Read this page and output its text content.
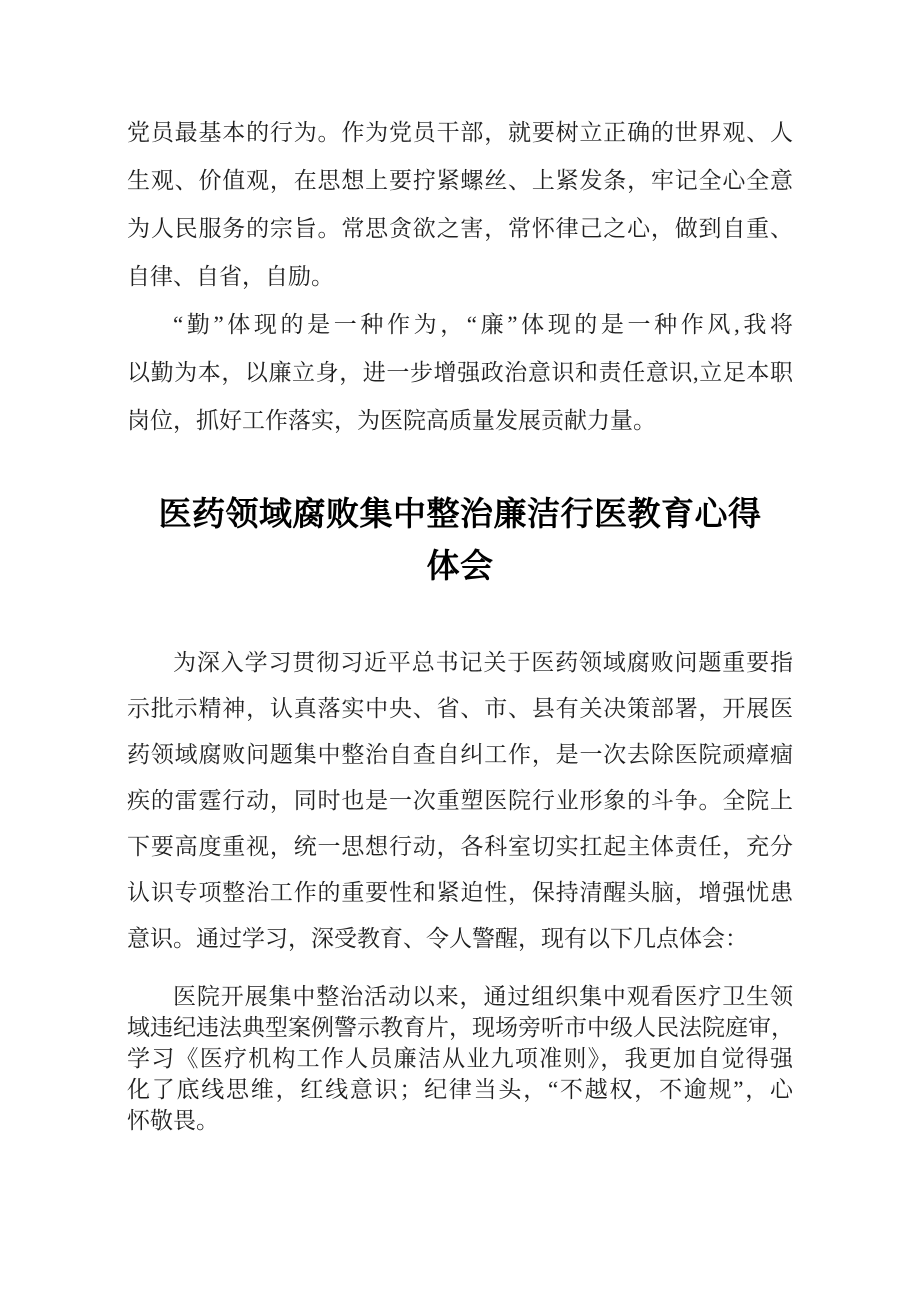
党员最基本的行为。作为党员干部，就要树立正确的世界观、人
生观、价值观，在思想上要拧紧螺丝、上紧发条，牢记全心全意
为人民服务的宗旨。常思贪欲之害，常怀律己之心，做到自重、
自律、自省，自励。
“勤”体现的是一种作为，“廉”体现的是一种作风,我将
以勤为本，以廉立身，进一步增强政治意识和责任意识,立足本职
岗位，抓好工作落实，为医院高质量发展贡献力量。
医药领域腐败集中整治廉洁行医教育心得
体会
为深入学习贯彻习近平总书记关于医药领域腐败问题重要指
示批示精神，认真落实中央、省、市、县有关决策部署，开展医
药领域腐败问题集中整治自查自纠工作，是一次去除医院顽瘴痼
疾的雷霆行动，同时也是一次重塑医院行业形象的斗争。全院上
下要高度重视，统一思想行动，各科室切实扛起主体责任，充分
认识专项整治工作的重要性和紧迫性，保持清醒头脑，增强忧患
意识。通过学习，深受教育、令人警醒，现有以下几点体会：
医院开展集中整治活动以来，通过组织集中观看医疗卫生领
域违纪违法典型案例警示教育片，现场旁听市中级人民法院庭审，
学习《医疗机构工作人员廉洁从业九项准则》，我更加自觉得强
化了底线思维，红线意识；纪律当头，“不越权，不逾规”，心
怀敬畏。
